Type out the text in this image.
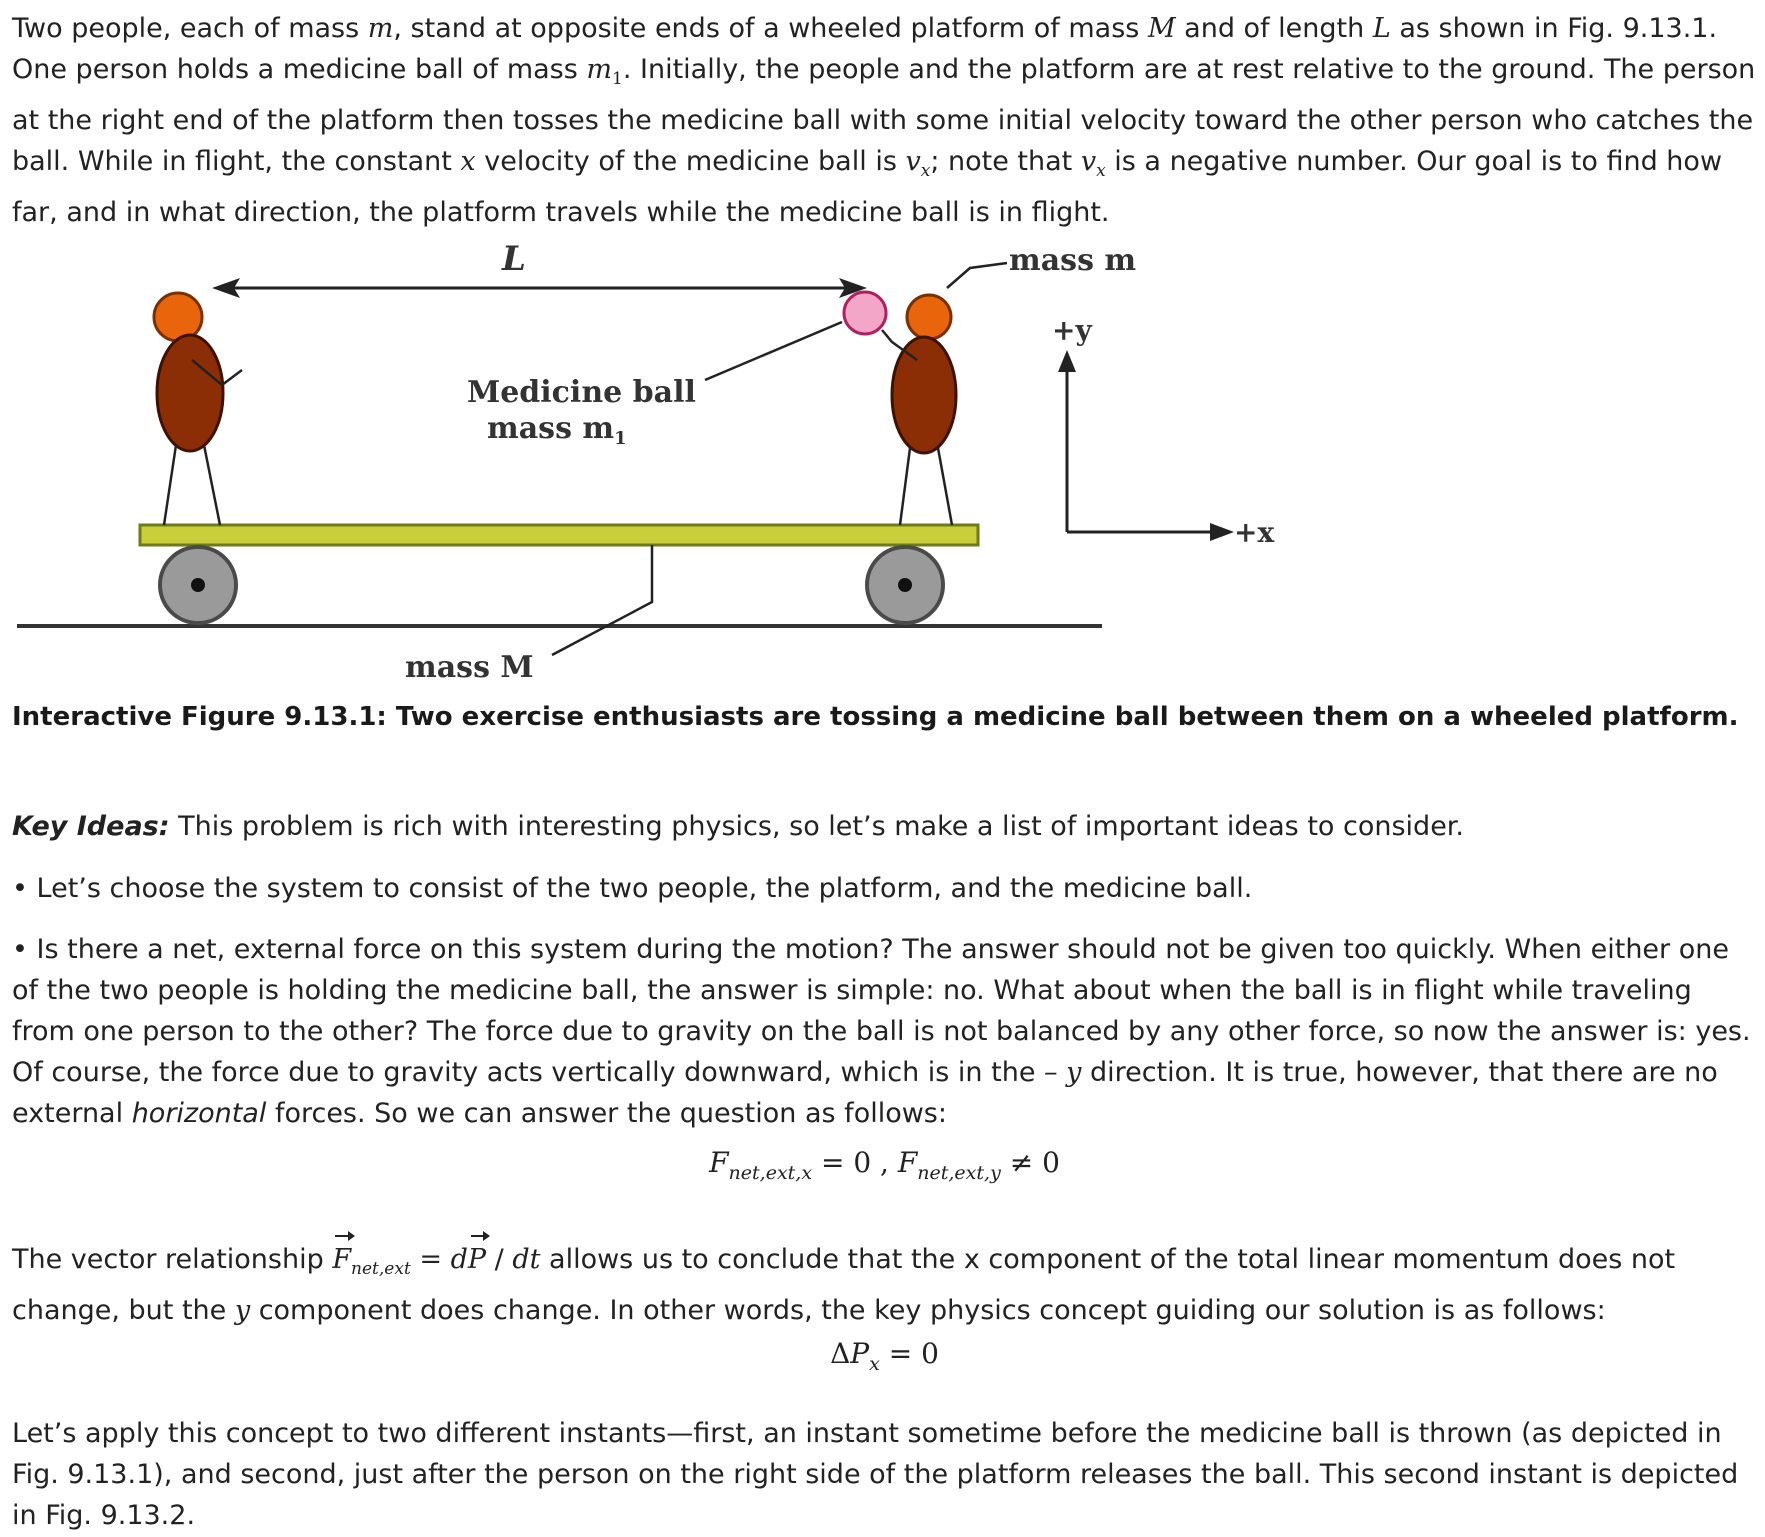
Two people, each of mass m, stand at opposite ends of a wheeled platform of mass M and of length L as shown in Fig. 9.13.1. One person holds a medicine ball of mass $m_1$. Initially, the people and the platform are at rest relative to the ground. The person at the right end of the platform then tosses the medicine ball with some initial velocity toward the other person who catches the ball. While in flight, the constant x velocity of the medicine ball is $v_x$; note that $v_x$ is a negative number. Our goal is to find how far, and in what direction, the platform travels while the medicine ball is in flight.

L	mass m
Medicine ball
mass $m_1$
mass M
+y
+x
Interactive Figure 9.13.1: Two exercise enthusiasts are tossing a medicine ball between them on a wheeled platform.

Key Ideas: This problem is rich with interesting physics, so let’s make a list of important ideas to consider.

• Let’s choose the system to consist of the two people, the platform, and the medicine ball.

• Is there a net, external force on this system during the motion? The answer should not be given too quickly. When either one of the two people is holding the medicine ball, the answer is simple: no. What about when the ball is in flight while traveling from one person to the other? The force due to gravity on the ball is not balanced by any other force, so now the answer is: yes. Of course, the force due to gravity acts vertically downward, which is in the – y direction. It is true, however, that there are no external horizontal forces. So we can answer the question as follows:

$F_{net,ext,x} = 0$ , $F_{net,ext,y} \ne 0$

The vector relationship $F_{net,ext}$ = dP / dt allows us to conclude that the x component of the total linear momentum does not change, but the y component does change. In other words, the key physics concept guiding our solution is as follows:

$\Delta P_x = 0$

Let’s apply this concept to two different instants—first, an instant sometime before the medicine ball is thrown (as depicted in Fig. 9.13.1), and second, just after the person on the right side of the platform releases the ball. This second instant is depicted in Fig. 9.13.2.
